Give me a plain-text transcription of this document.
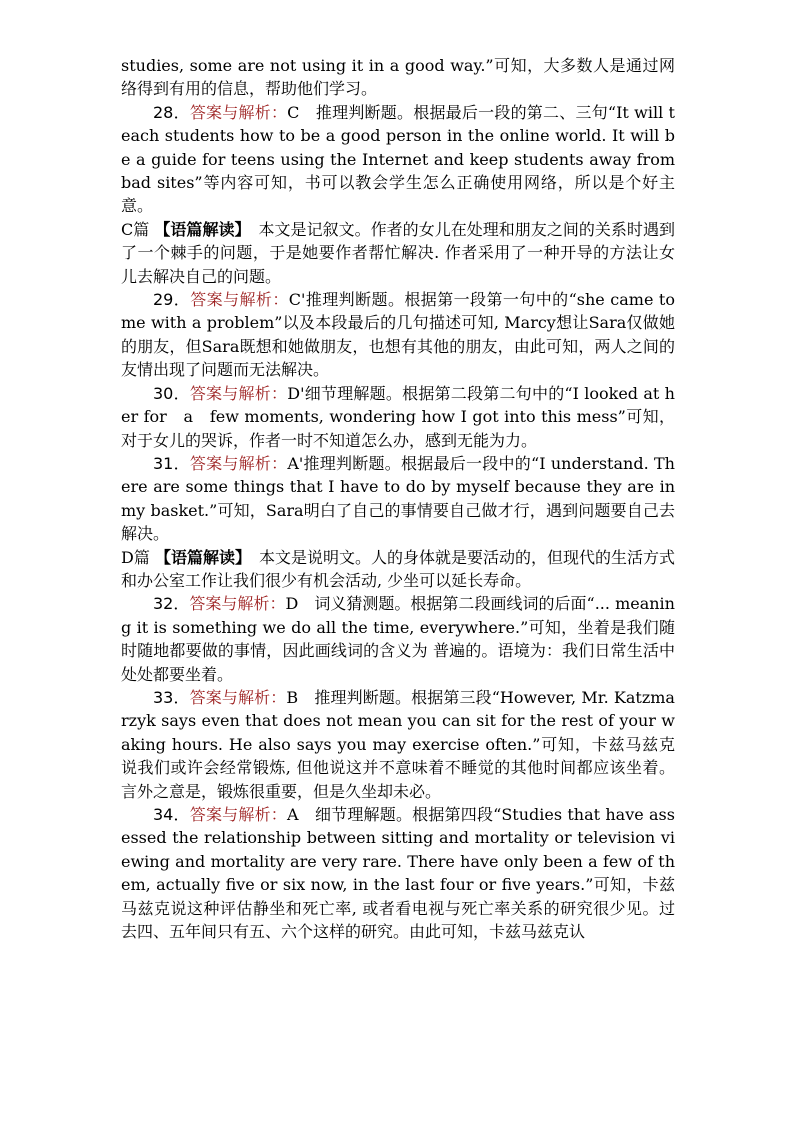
studies, some are not using it in a good way.”可知，大多数人是通过网络得到有用的信息，帮助他们学习。

28．答案与解析：C　推理判断题。根据最后一段的第二、三句“It will teach students how to be a good person in the online world. It will be a guide for teens using the Internet and keep students away from bad sites”等内容可知，书可以教会学生怎么正确使用网络，所以是个好主意。

C篇 【语篇解读】　本文是记叙文。作者的女儿在处理和朋友之间的关系时遇到了一个棘手的问题，于是她要作者帮忙解决. 作者采用了一种开导的方法让女儿去解决自己的问题。

29．答案与解析：C'推理判断题。根据第一段第一句中的“she came to me with a problem”以及本段最后的几句描述可知, Marcy想让Sara仅做她的朋友，但Sara既想和她做朋友，也想有其他的朋友，由此可知，两人之间的友情出现了问题而无法解决。

30．答案与解析：D'细节理解题。根据第二段第二句中的“I looked at her for　a　few moments, wondering how I got into this mess”可知，对于女儿的哭诉，作者一时不知道怎么办，感到无能为力。

31．答案与解析：A'推理判断题。根据最后一段中的“I understand. There are some things that I have to do by myself because they are in my basket.”可知，Sara明白了自己的事情要自己做才行，遇到问题要自己去解决。

D篇 【语篇解读】　本文是说明文。人的身体就是要活动的，但现代的生活方式和办公室工作让我们很少有机会活动, 少坐可以延长寿命。

32．答案与解析：D　词义猜测题。根据第二段画线词的后面“... meaning it is something we do all the time, everywhere.”可知，坐着是我们随时随地都要做的事情，因此画线词的含义为 普遍的。语境为：我们日常生活中处处都要坐着。

33．答案与解析：B　推理判断题。根据第三段“However, Mr. Katzmarzyk says even that does not mean you can sit for the rest of your waking hours. He also says you may exercise often.”可知，卡兹马兹克说我们或许会经常锻炼, 但他说这并不意味着不睡觉的其他时间都应该坐着。言外之意是，锻炼很重要，但是久坐却未必。

34．答案与解析：A　细节理解题。根据第四段“Studies that have assessed the relationship between sitting and mortality or television viewing and mortality are very rare. There have only been a few of them, actually five or six now, in the last four or five years.”可知，卡兹马兹克说这种评估静坐和死亡率, 或者看电视与死亡率关系的研究很少见。过去四、五年间只有五、六个这样的研究。由此可知，卡兹马兹克认
